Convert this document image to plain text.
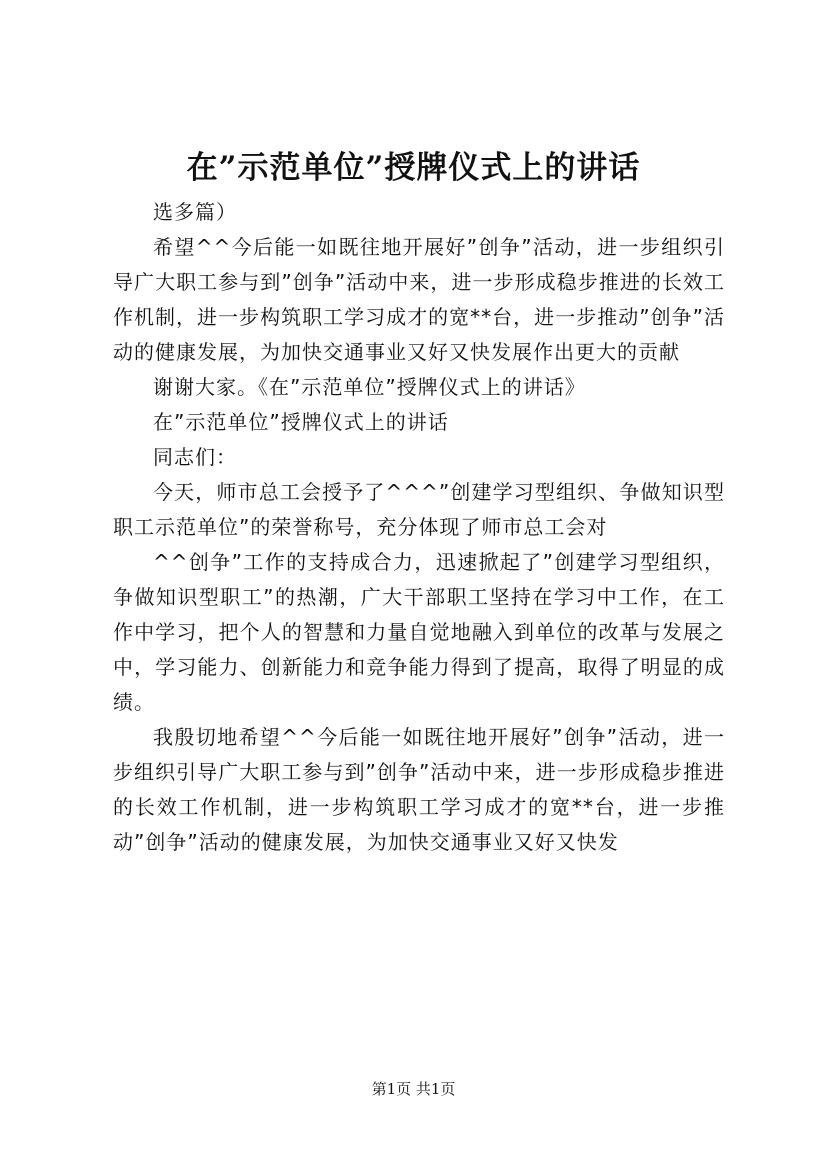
在”示范单位”授牌仪式上的讲话

选多篇）

希望^^今后能一如既往地开展好”创争”活动，进一步组织引导广大职工参与到”创争”活动中来，进一步形成稳步推进的长效工作机制，进一步构筑职工学习成才的宽**台，进一步推动”创争”活动的健康发展，为加快交通事业又好又快发展作出更大的贡献

谢谢大家。《在”示范单位”授牌仪式上的讲话》

在”示范单位”授牌仪式上的讲话

同志们：

今天，师市总工会授予了^^^”创建学习型组织、争做知识型职工示范单位”的荣誉称号，充分体现了师市总工会对

^^创争”工作的支持成合力，迅速掀起了”创建学习型组织，争做知识型职工”的热潮，广大干部职工坚持在学习中工作，在工作中学习，把个人的智慧和力量自觉地融入到单位的改革与发展之中，学习能力、创新能力和竞争能力得到了提高，取得了明显的成绩。

我殷切地希望^^今后能一如既往地开展好”创争”活动，进一步组织引导广大职工参与到”创争”活动中来，进一步形成稳步推进的长效工作机制，进一步构筑职工学习成才的宽**台，进一步推动”创争”活动的健康发展，为加快交通事业又好又快发

第1页 共1页
